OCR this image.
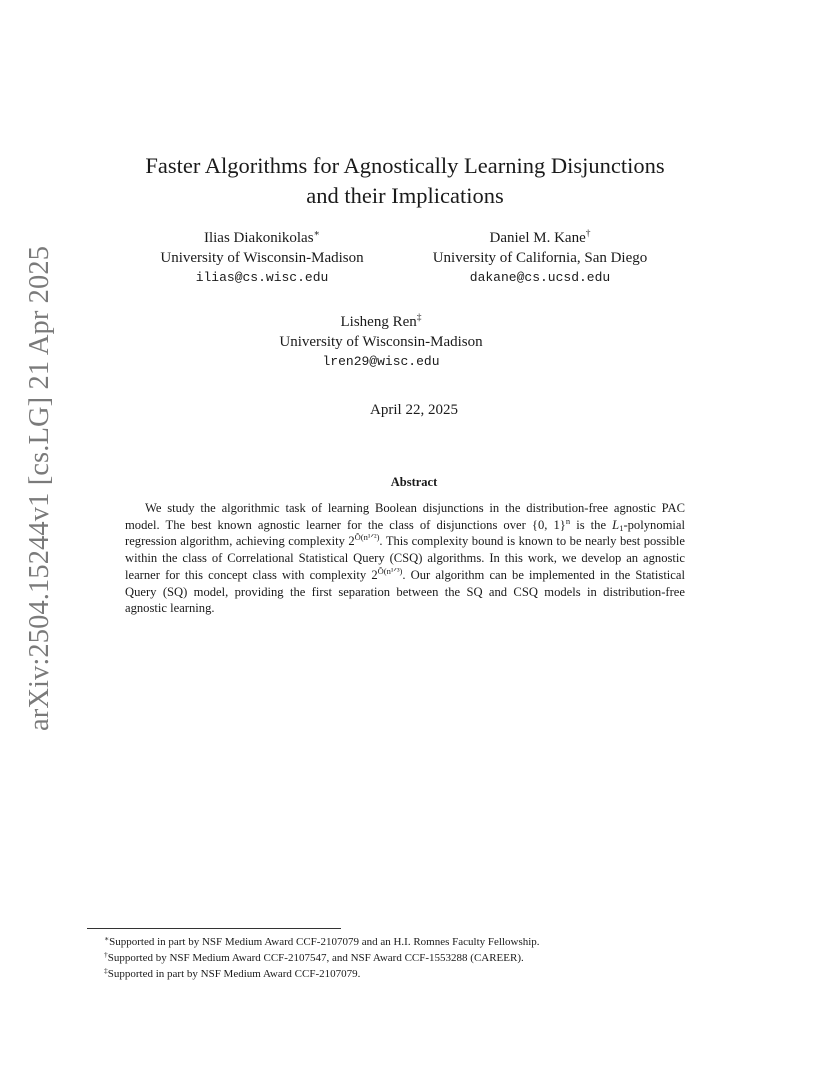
arXiv:2504.15244v1 [cs.LG] 21 Apr 2025
Faster Algorithms for Agnostically Learning Disjunctions
and their Implications
Ilias Diakonikolas∗
University of Wisconsin-Madison
ilias@cs.wisc.edu
Daniel M. Kane†
University of California, San Diego
dakane@cs.ucsd.edu
Lisheng Ren‡
University of Wisconsin-Madison
lren29@wisc.edu
April 22, 2025
Abstract
We study the algorithmic task of learning Boolean disjunctions in the distribution-free agnostic PAC model. The best known agnostic learner for the class of disjunctions over {0, 1}$^n$ is the $L_1$-polynomial regression algorithm, achieving complexity $2^{Õ(n^1ᐟ^2)}$. This complexity bound is known to be nearly best possible within the class of Correlational Statistical Query (CSQ) algorithms. In this work, we develop an agnostic learner for this concept class with complexity $2^{Õ(n^1ᐟ^3)}$. Our algorithm can be implemented in the Statistical Query (SQ) model, providing the first separation between the SQ and CSQ models in distribution-free agnostic learning.
∗Supported in part by NSF Medium Award CCF-2107079 and an H.I. Romnes Faculty Fellowship.
†Supported by NSF Medium Award CCF-2107547, and NSF Award CCF-1553288 (CAREER).
‡Supported in part by NSF Medium Award CCF-2107079.
